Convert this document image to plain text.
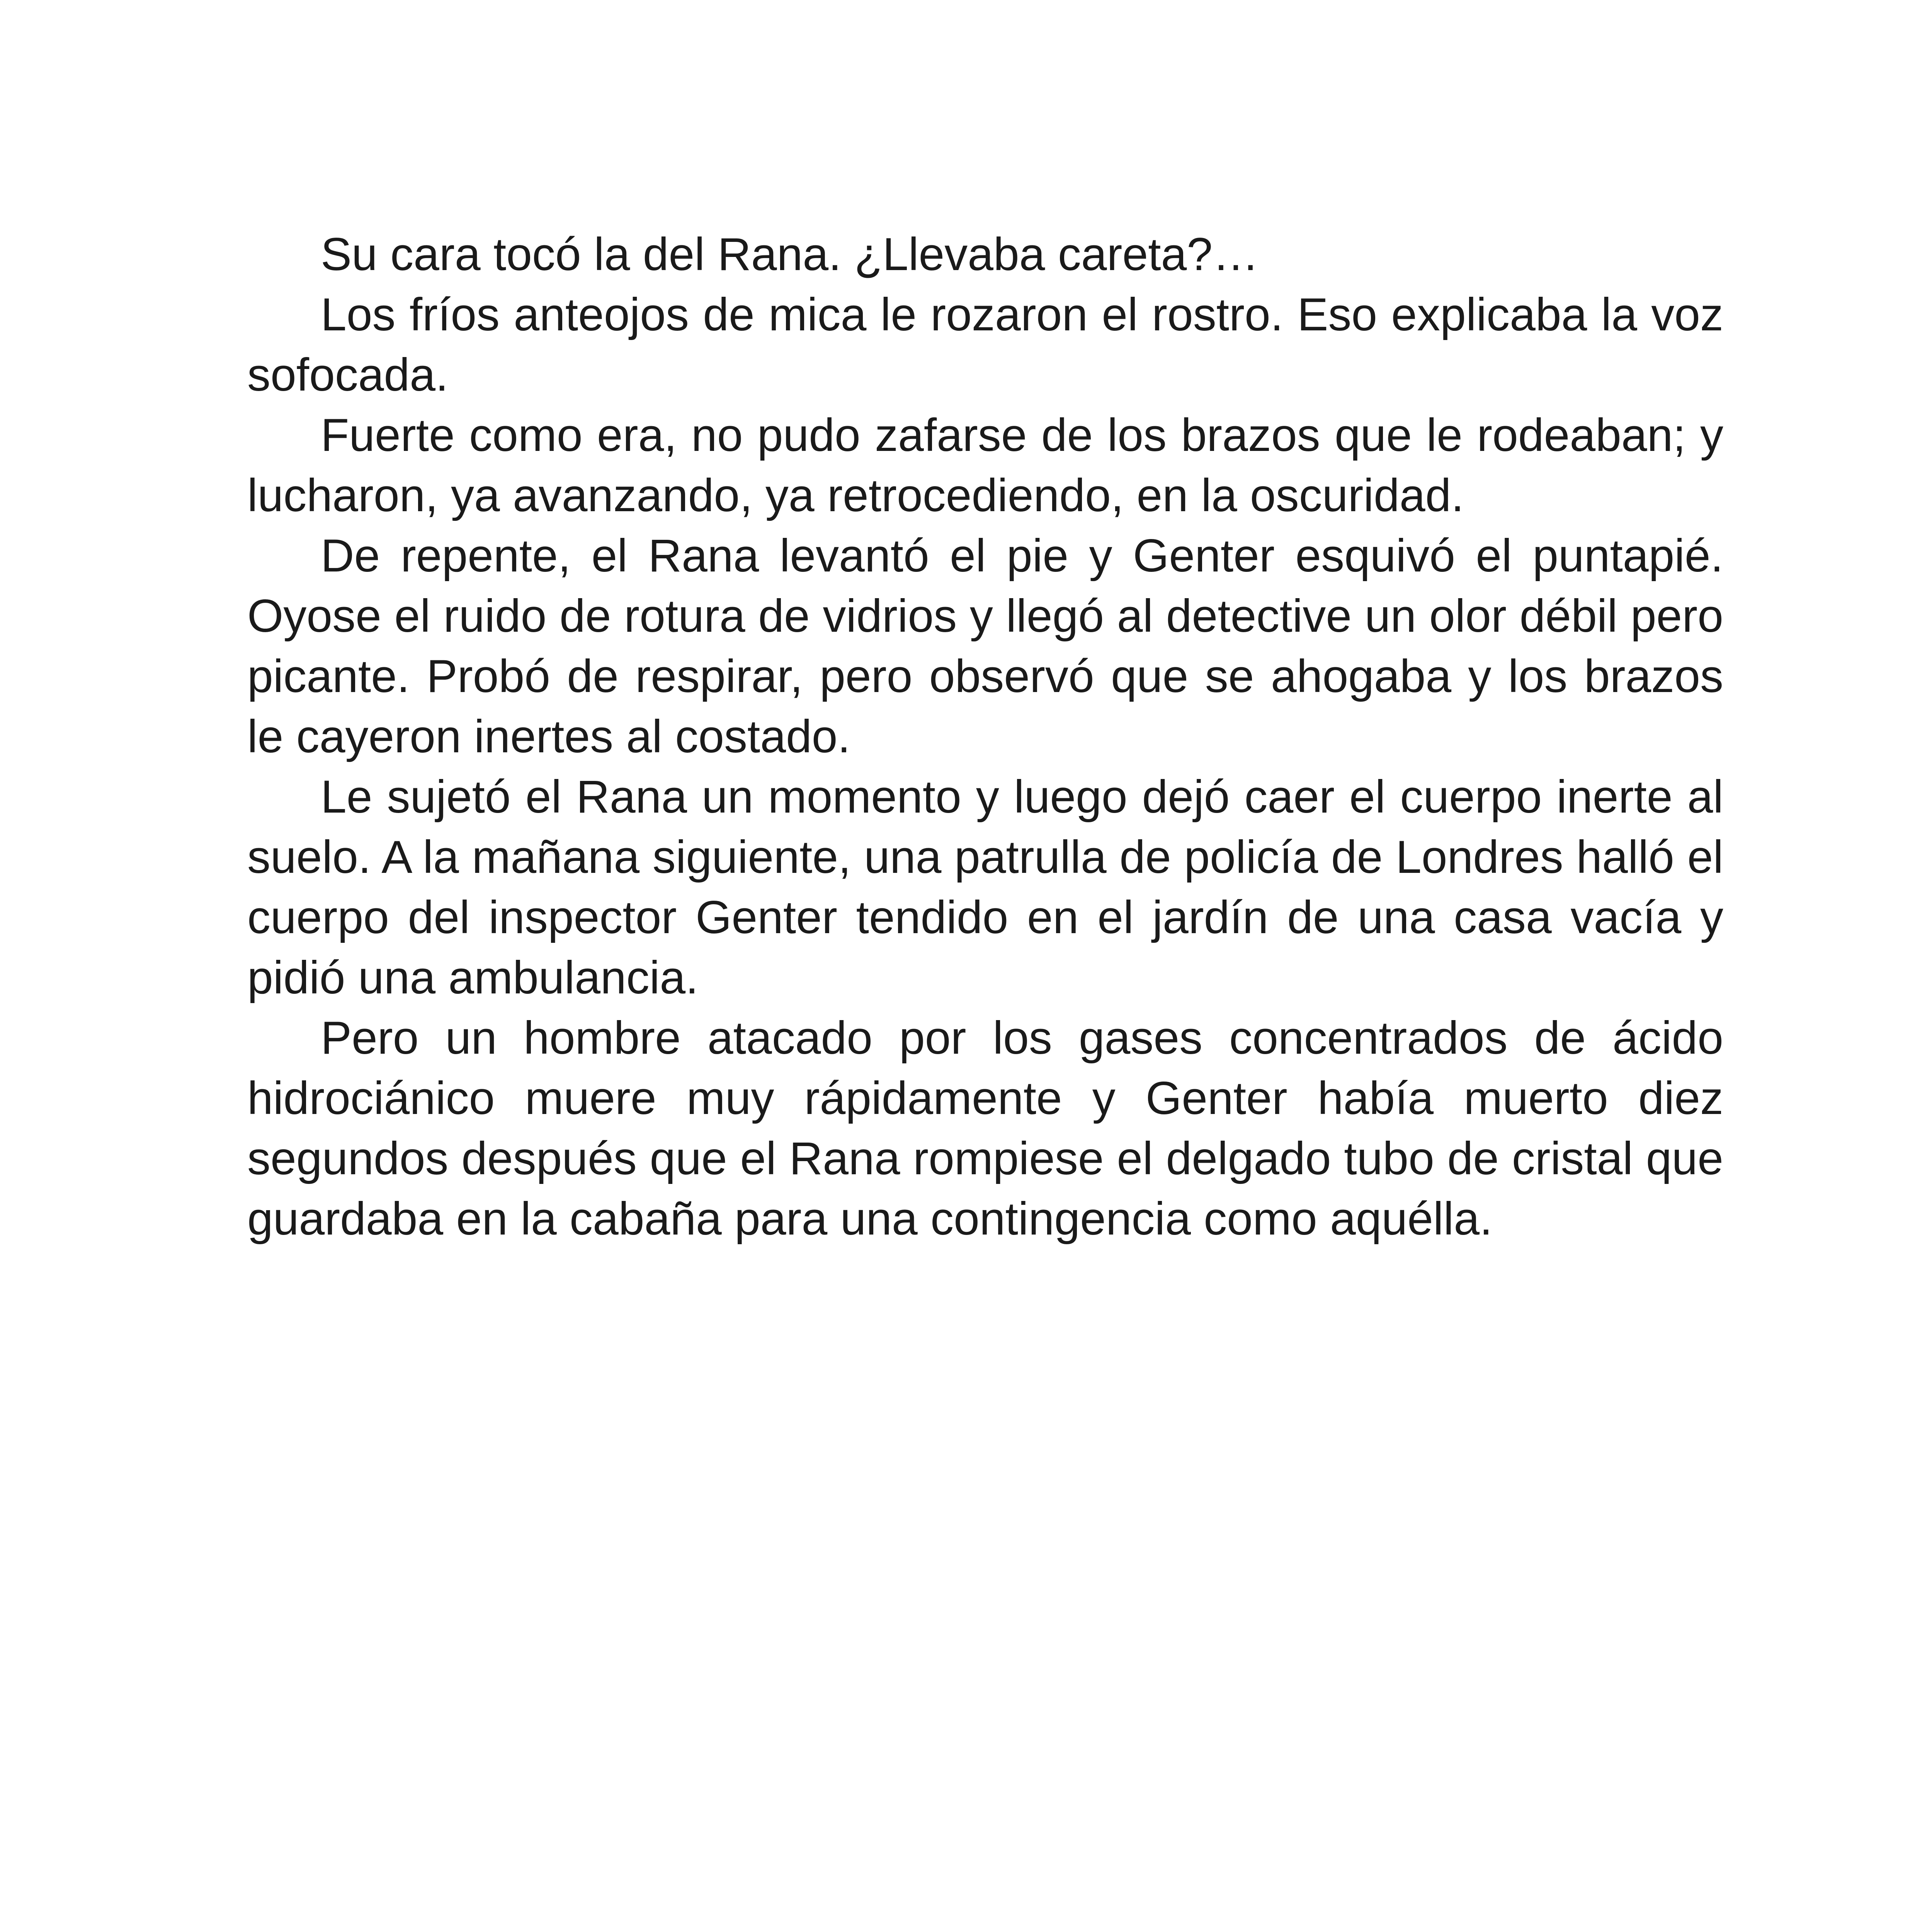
Su cara tocó la del Rana. ¿Llevaba careta?…

Los fríos anteojos de mica le rozaron el rostro. Eso explicaba la voz sofocada.

Fuerte como era, no pudo zafarse de los brazos que le rodeaban; y lucharon, ya avanzando, ya retrocediendo, en la oscuridad.

De repente, el Rana levantó el pie y Genter esquivó el puntapié. Oyose el ruido de rotura de vidrios y llegó al detective un olor débil pero picante. Probó de respirar, pero observó que se ahogaba y los brazos le cayeron inertes al costado.

Le sujetó el Rana un momento y luego dejó caer el cuerpo inerte al suelo. A la mañana siguiente, una patrulla de policía de Londres halló el cuerpo del inspector Genter tendido en el jardín de una casa vacía y pidió una ambulancia.

Pero un hombre atacado por los gases concentrados de ácido hidrociánico muere muy rápidamente y Genter había muerto diez segundos después que el Rana rompiese el delgado tubo de cristal que guardaba en la cabaña para una contingencia como aquélla.
